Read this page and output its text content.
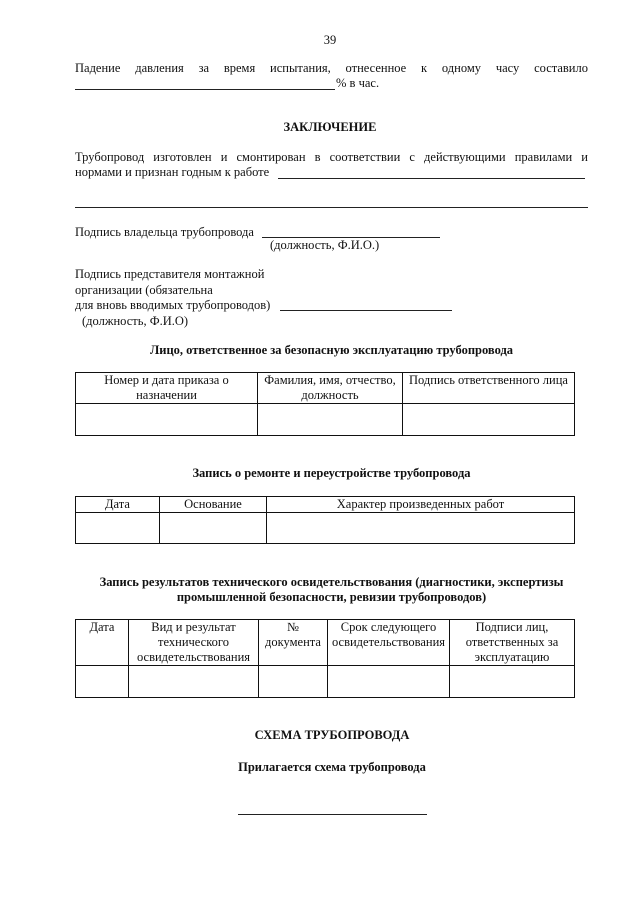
39
Падение давления за время испытания, отнесенное к одному часу составило
% в час.
ЗАКЛЮЧЕНИЕ
Трубопровод изготовлен и смонтирован в соответствии с действующими правилами и
нормами и признан годным к работе
Подпись владельца трубопровода
(должность, Ф.И.О.)
Подпись представителя монтажной
организации (обязательна
для вновь вводимых трубопроводов)
(должность, Ф.И.О)
Лицо, ответственное за безопасную эксплуатацию трубопровода
Номер и дата приказа о назначении	Фамилия, имя, отчество, должность	Подпись ответственного лица

Запись о ремонте и переустройстве трубопровода
Дата	Основание	Характер произведенных работ

Запись результатов технического освидетельствования (диагностики, экспертизы
промышленной безопасности, ревизии трубопроводов)
Дата	Вид и результат технического освидетельствования	№ документа	Срок следующего освидетельствования	Подписи лиц, ответственных за эксплуатацию

СХЕМА ТРУБОПРОВОДА
Прилагается схема трубопровода
